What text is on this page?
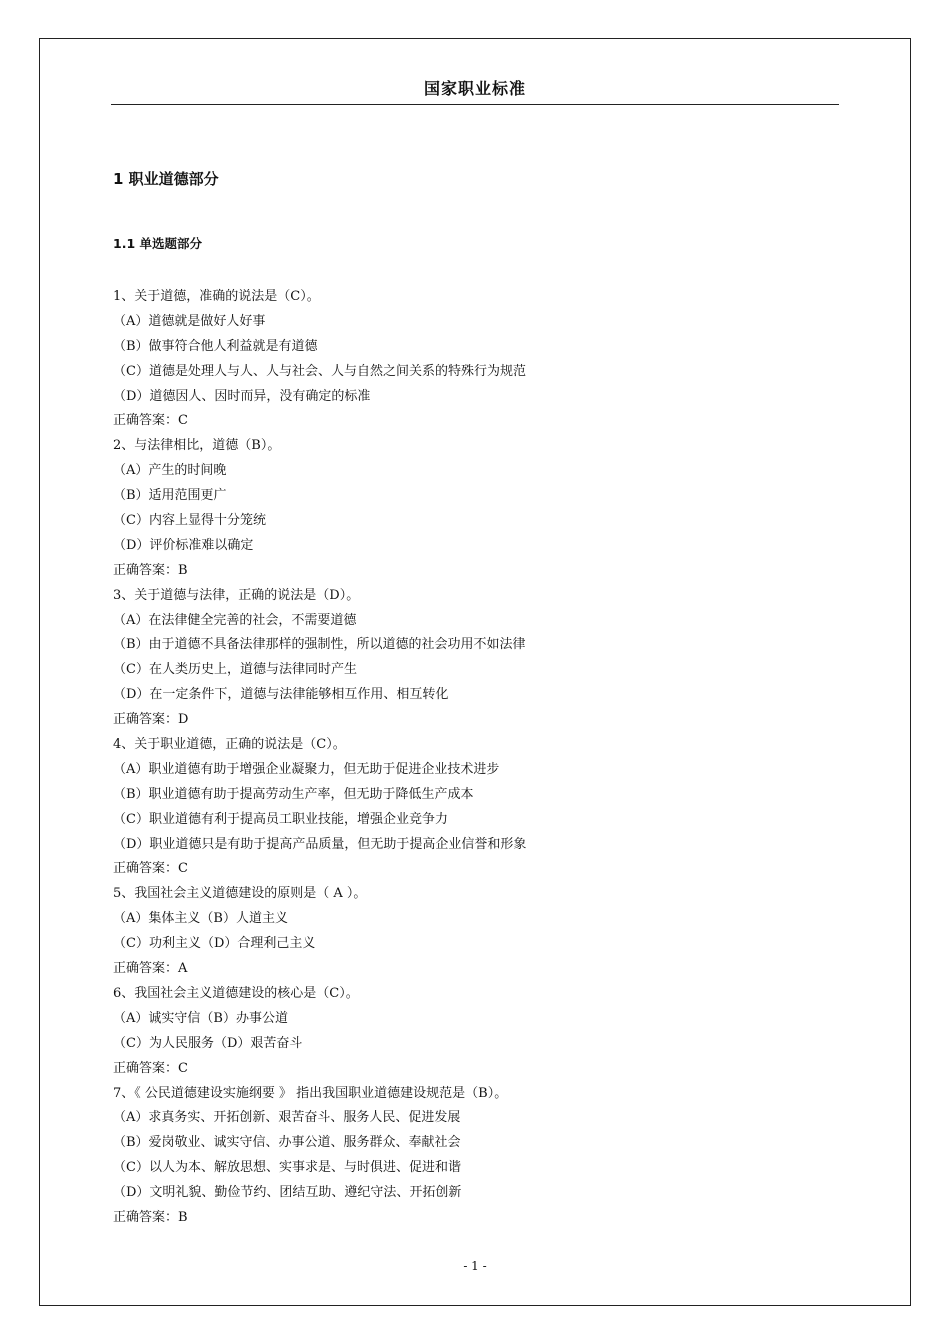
国家职业标准
1 职业道德部分
1.1 单选题部分
1、关于道德，准确的说法是（C）。
（A）道德就是做好人好事
（B）做事符合他人利益就是有道德
（C）道德是处理人与人、人与社会、人与自然之间关系的特殊行为规范
（D）道德因人、因时而异，没有确定的标准
正确答案：C
2、与法律相比，道德（B）。
（A）产生的时间晚
（B）适用范围更广
（C）内容上显得十分笼统
（D）评价标准难以确定
正确答案：B
3、关于道德与法律，正确的说法是（D）。
（A）在法律健全完善的社会，不需要道德
（B）由于道德不具备法律那样的强制性，所以道德的社会功用不如法律
（C）在人类历史上，道德与法律同时产生
（D）在一定条件下，道德与法律能够相互作用、相互转化
正确答案：D
4、关于职业道德，正确的说法是（C）。
（A）职业道德有助于增强企业凝聚力，但无助于促进企业技术进步
（B）职业道德有助于提高劳动生产率，但无助于降低生产成本
（C）职业道德有利于提高员工职业技能，增强企业竞争力
（D）职业道德只是有助于提高产品质量，但无助于提高企业信誉和形象
正确答案：C
5、我国社会主义道德建设的原则是（ A ）。
（A）集体主义（B）人道主义
（C）功利主义（D）合理利己主义
正确答案：A
6、我国社会主义道德建设的核心是（C）。
（A）诚实守信（B）办事公道
（C）为人民服务（D）艰苦奋斗
正确答案：C
7、《 公民道德建设实施纲要 》 指出我国职业道德建设规范是（B）。
（A）求真务实、开拓创新、艰苦奋斗、服务人民、促进发展
（B）爱岗敬业、诚实守信、办事公道、服务群众、奉献社会
（C）以人为本、解放思想、实事求是、与时俱进、促进和谐
（D）文明礼貌、勤俭节约、团结互助、遵纪守法、开拓创新
正确答案：B
- 1 -
